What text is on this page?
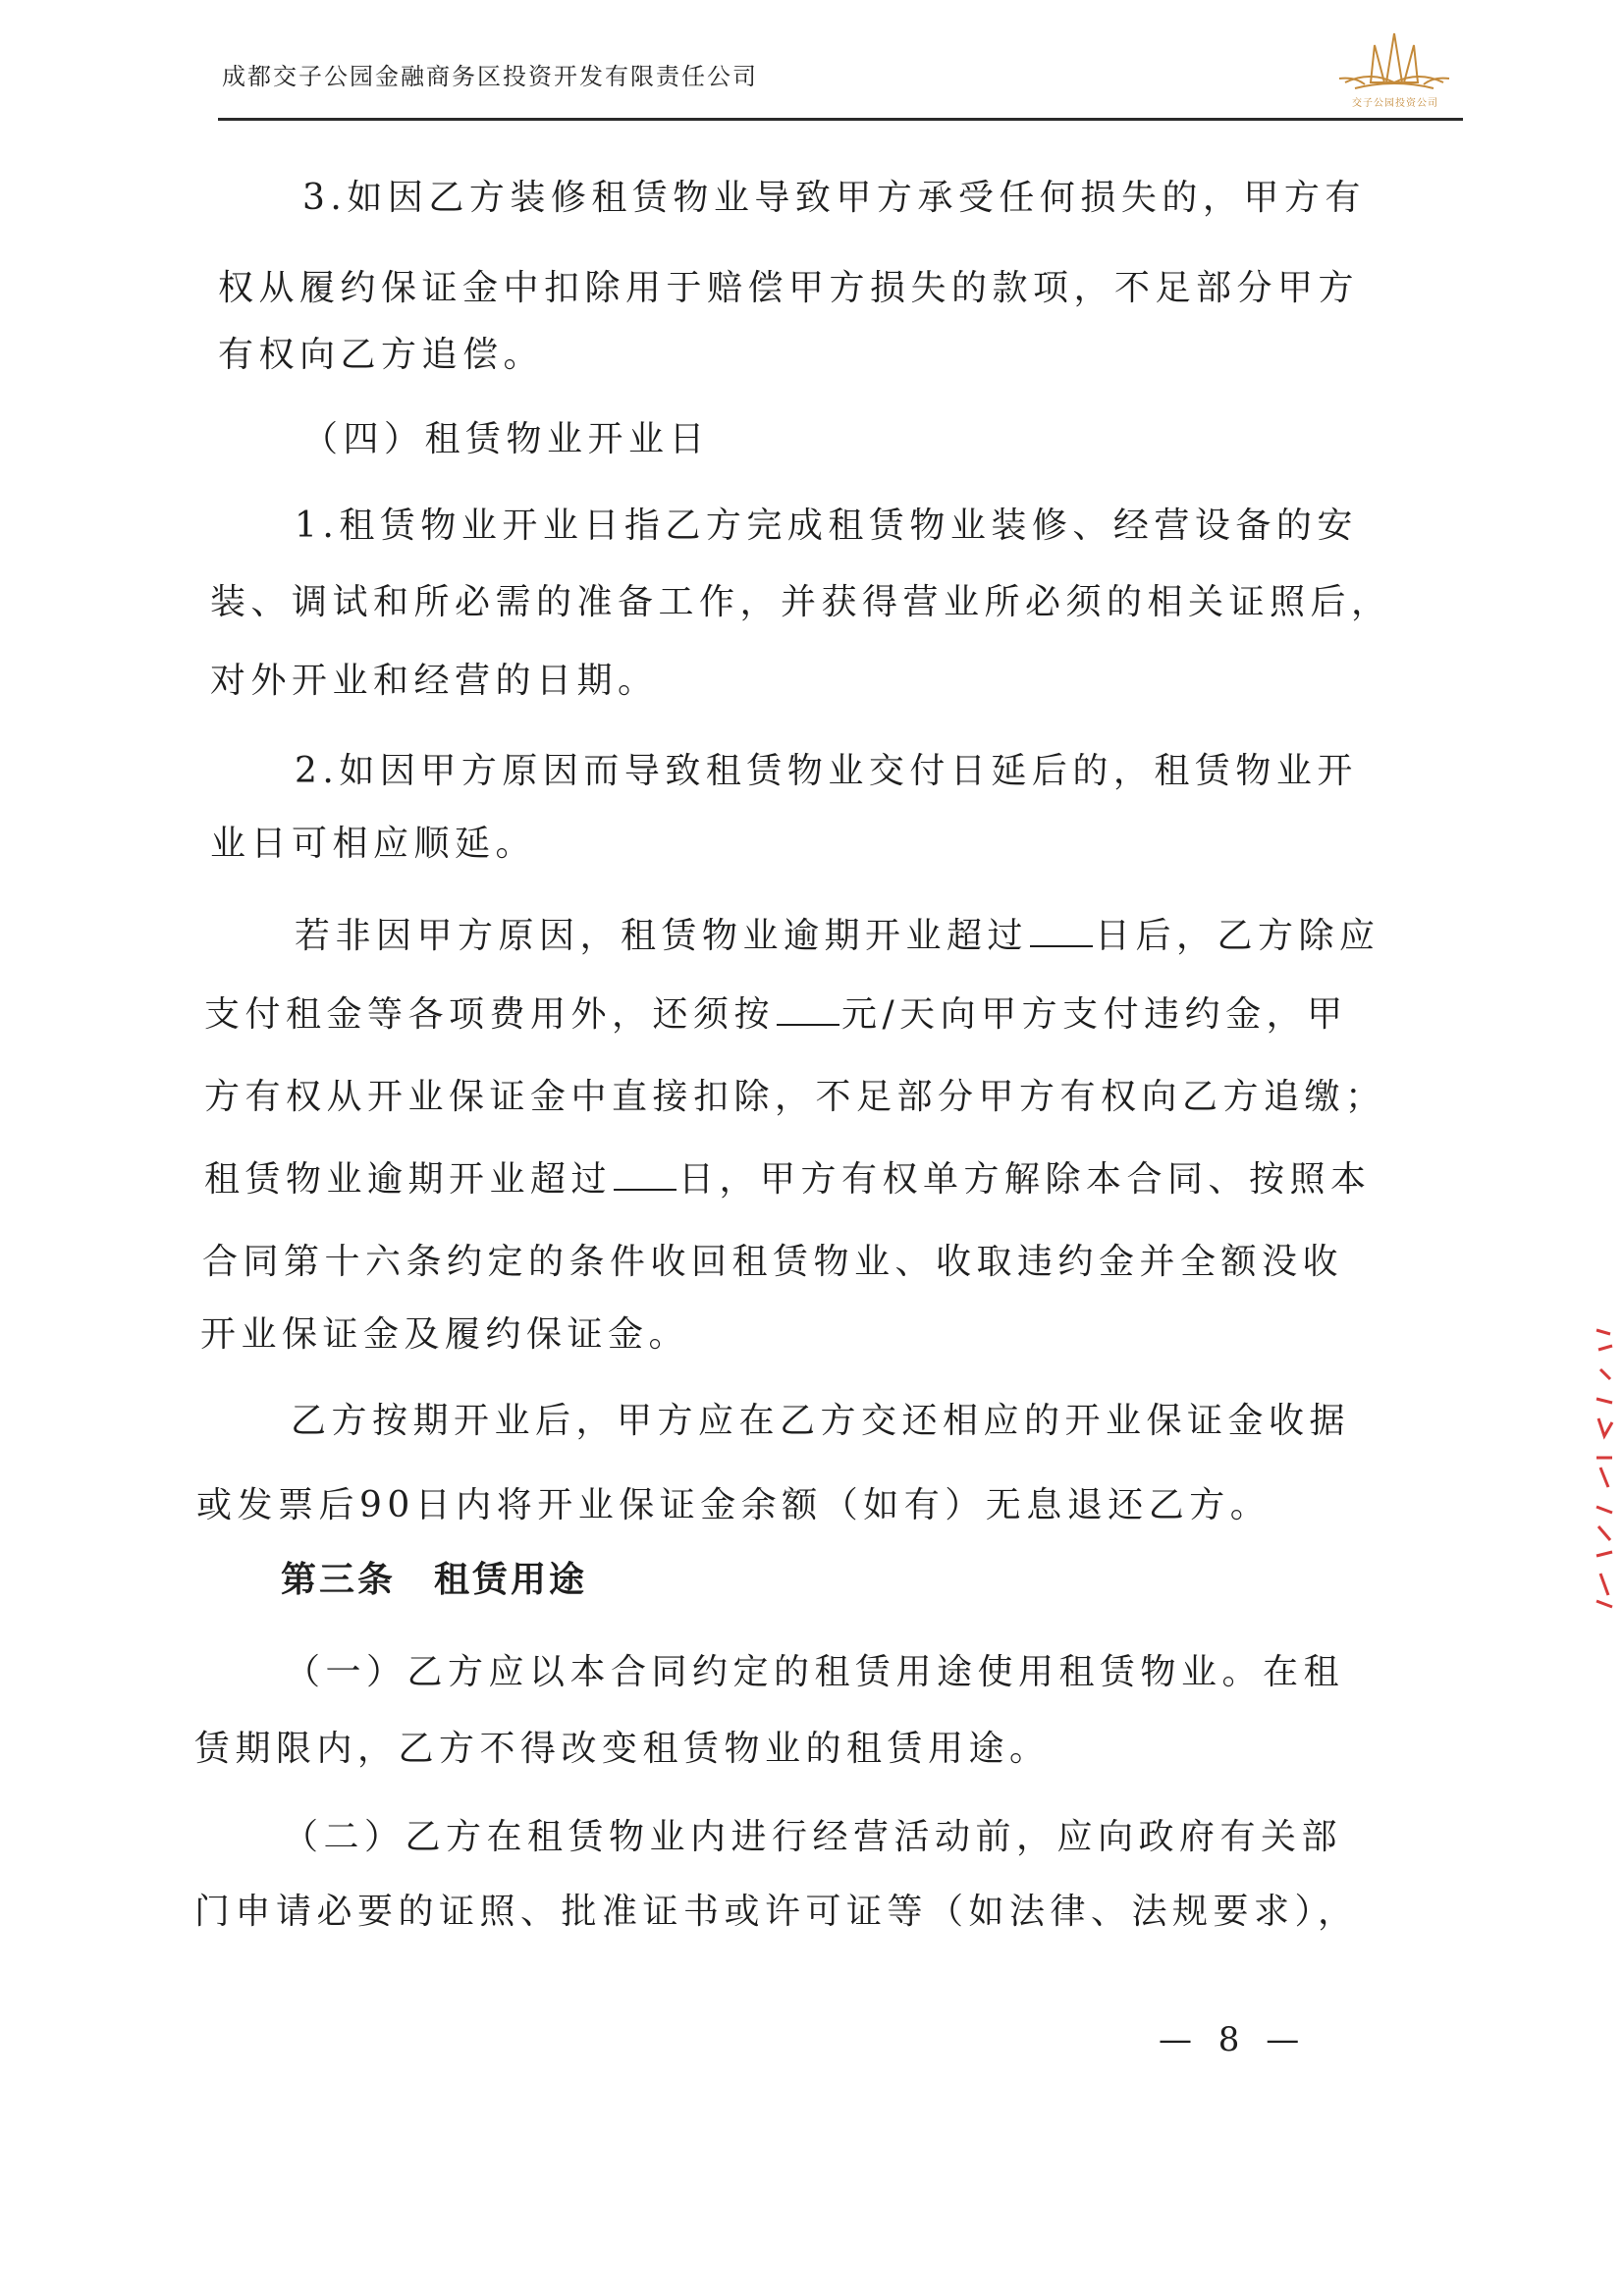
成都交子公园金融商务区投资开发有限责任公司
交子公园投资公司
3.如因乙方装修租赁物业导致甲方承受任何损失的，甲方有
权从履约保证金中扣除用于赔偿甲方损失的款项，不足部分甲方
有权向乙方追偿。
（四）租赁物业开业日
1.租赁物业开业日指乙方完成租赁物业装修、经营设备的安
装、调试和所必需的准备工作，并获得营业所必须的相关证照后，
对外开业和经营的日期。
2.如因甲方原因而导致租赁物业交付日延后的，租赁物业开
业日可相应顺延。
若非因甲方原因，租赁物业逾期开业超过 日后，乙方除应
支付租金等各项费用外，还须按 元/天向甲方支付违约金，甲
方有权从开业保证金中直接扣除，不足部分甲方有权向乙方追缴；
租赁物业逾期开业超过 日，甲方有权单方解除本合同、按照本
合同第十六条约定的条件收回租赁物业、收取违约金并全额没收
开业保证金及履约保证金。
乙方按期开业后，甲方应在乙方交还相应的开业保证金收据
或发票后90日内将开业保证金余额（如有）无息退还乙方。
第三条　租赁用途
（一）乙方应以本合同约定的租赁用途使用租赁物业。在租
赁期限内，乙方不得改变租赁物业的租赁用途。
（二）乙方在租赁物业内进行经营活动前，应向政府有关部
门申请必要的证照、批准证书或许可证等（如法律、法规要求），
— 8 —
